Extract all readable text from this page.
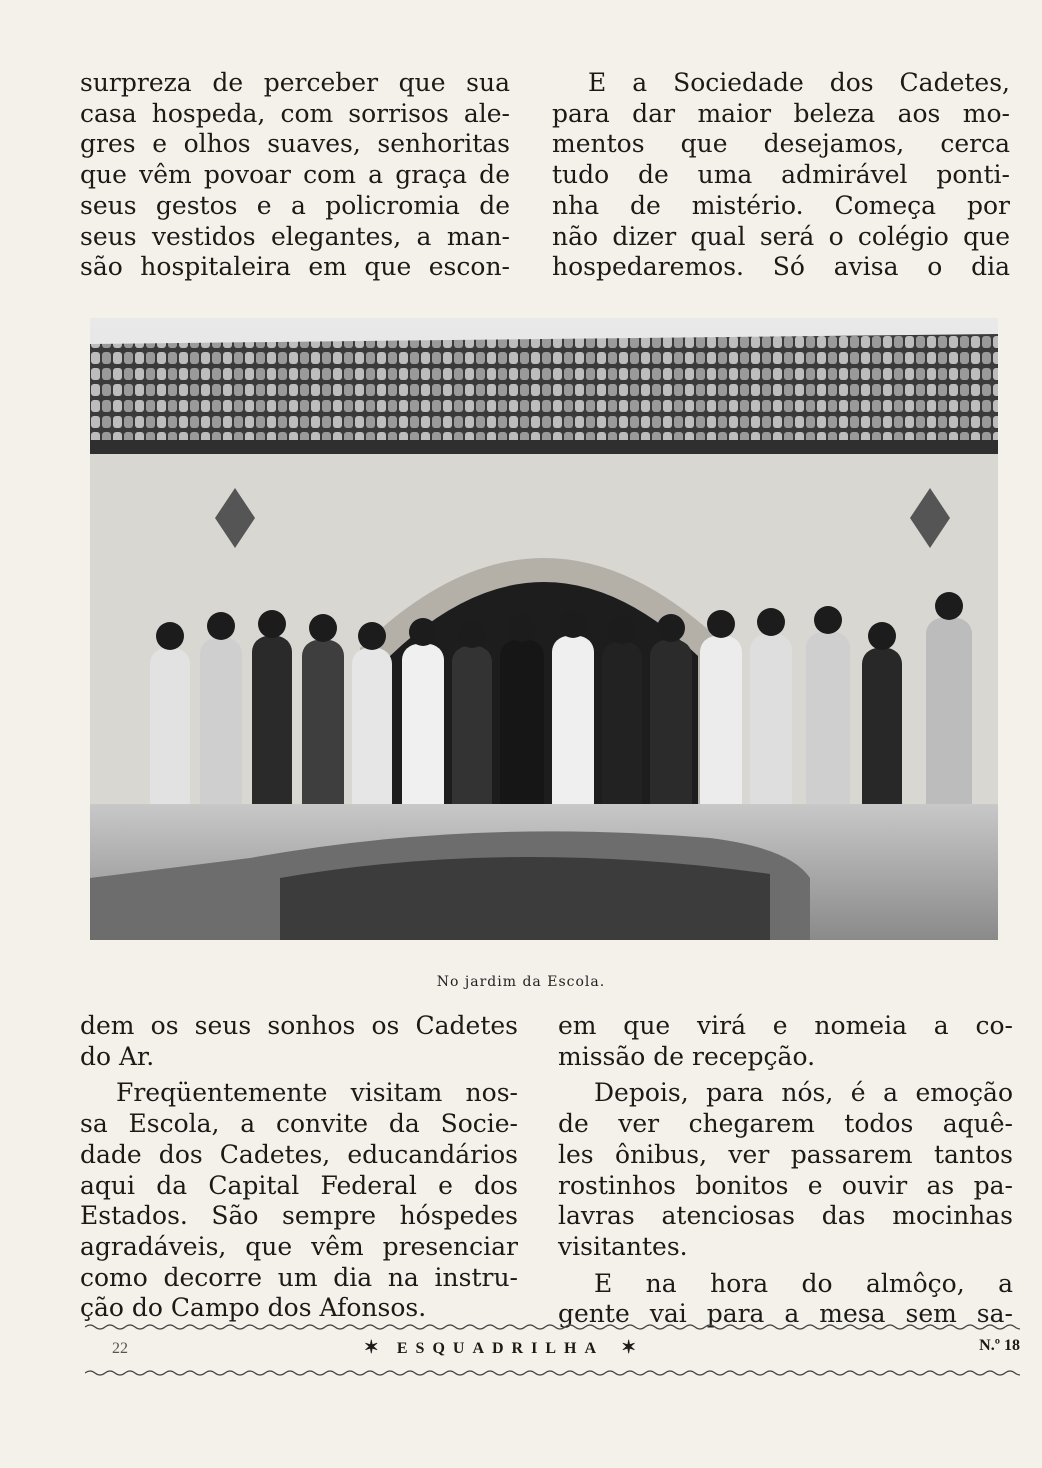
surpreza de perceber que sua
casa hospeda, com sorrisos ale-
gres e olhos suaves, senhoritas
que vêm povoar com a graça de
seus gestos e a policromia de
seus vestidos elegantes, a man-
são hospitaleira em que escon-
E a Sociedade dos Cadetes,
para dar maior beleza aos mo-
mentos que desejamos, cerca
tudo de uma admirável ponti-
nha de mistério. Começa por
não dizer qual será o colégio que
hospedaremos. Só avisa o dia
No jardim da Escola.
dem os seus sonhos os Cadetes
do Ar.
Freqüentemente visitam nos-
sa Escola, a convite da Socie-
dade dos Cadetes, educandários
aqui da Capital Federal e dos
Estados. São sempre hóspedes
agradáveis, que vêm presenciar
como decorre um dia na instru-
ção do Campo dos Afonsos.
em que virá e nomeia a co-
missão de recepção.
Depois, para nós, é a emoção
de ver chegarem todos aquê-
les ônibus, ver passarem tantos
rostinhos bonitos e ouvir as pa-
lavras atenciosas das mocinhas
visitantes.
E na hora do almôço, a
gente vai para a mesa sem sa-
22	✶ ESQUADRILHA ✶	N.º 18
